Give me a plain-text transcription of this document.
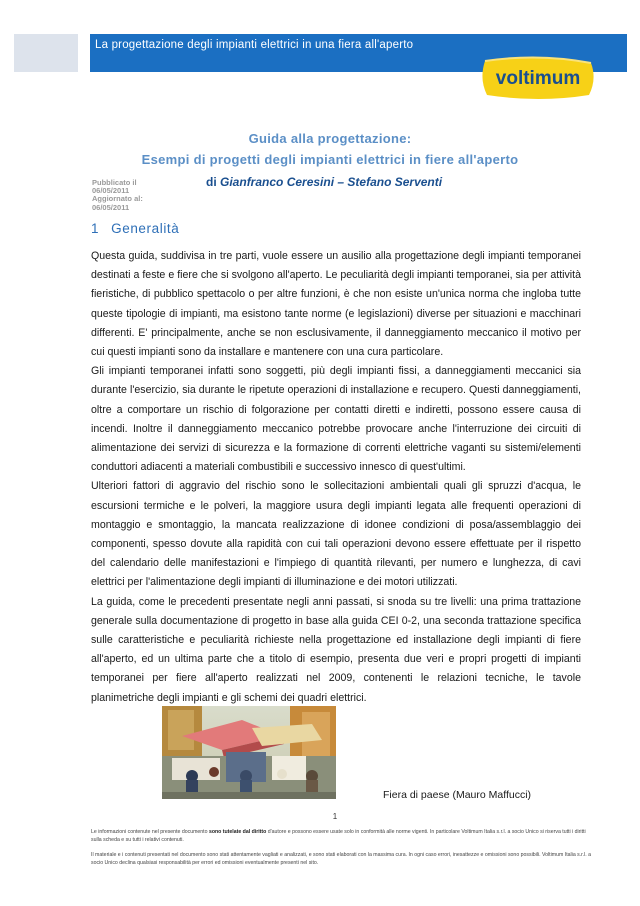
La progettazione degli impianti elettrici in una fiera all'aperto
voltimum
Guida alla progettazione:
Esempi di progetti degli impianti elettrici in fiere all'aperto
Pubblicato il
06/05/2011
Aggiornato al:
06/05/2011
di Gianfranco Ceresini – Stefano Serventi
1 Generalità

Questa guida, suddivisa in tre parti, vuole essere un ausilio alla progettazione degli impianti temporanei destinati a feste e fiere che si svolgono all'aperto. Le peculiarità degli impianti temporanei, sia per attività fieristiche, di pubblico spettacolo o per altre funzioni, è che non esiste un'unica norma che ingloba tutte queste tipologie di impianti, ma esistono tante norme (e legislazioni) diverse per situazioni e macchinari differenti. E' principalmente, anche se non esclusivamente, il danneggiamento meccanico il motivo per cui questi impianti sono da installare e mantenere con una cura particolare.

Gli impianti temporanei infatti sono soggetti, più degli impianti fissi, a danneggiamenti meccanici sia durante l'esercizio, sia durante le ripetute operazioni di installazione e recupero. Questi danneggiamenti, oltre a comportare un rischio di folgorazione per contatti diretti e indiretti, possono essere causa di incendi. Inoltre il danneggiamento meccanico potrebbe provocare anche l'interruzione dei circuiti di alimentazione dei servizi di sicurezza e la formazione di correnti elettriche vaganti su sistemi/elementi conduttori adiacenti a materiali combustibili e successivo innesco di quest'ultimi.

Ulteriori fattori di aggravio del rischio sono le sollecitazioni ambientali quali gli spruzzi d'acqua, le escursioni termiche e le polveri, la maggiore usura degli impianti legata alle frequenti operazioni di montaggio e smontaggio, la mancata realizzazione di idonee condizioni di posa/assemblaggio dei componenti, spesso dovute alla rapidità con cui tali operazioni devono essere effettuate per il rispetto del calendario delle manifestazioni e l'impiego di quantità rilevanti, per numero e lunghezza, di cavi elettrici per l'alimentazione degli impianti di illuminazione e dei motori utilizzati.

La guida, come le precedenti presentate negli anni passati, si snoda su tre livelli: una prima trattazione generale sulla documentazione di progetto in base alla guida CEI 0-2, una seconda trattazione specifica sulle caratteristiche e peculiarità richieste nella progettazione ed installazione degli impianti di fiere all'aperto, ed un ultima parte che a titolo di esempio, presenta due veri e propri progetti di impianti temporanei per fiere all'aperto realizzati nel 2009, contenenti le relazioni tecniche, le tavole planimetriche degli impianti e gli schemi dei quadri elettrici.

Fiera di paese (Mauro Maffucci)
1
Le informazioni contenute nel presente documento sono tutelate dal diritto d'autore e possono essere usate solo in conformità alle norme vigenti. In particolare Voltimum Italia s.r.l. a socio Unico si riserva tutti i diritti sulla scheda e su tutti i relativi contenuti.
Il materiale e i contenuti presentati nel documento sono stati attentamente vagliati e analizzati, e sono stati elaborati con la massima cura. In ogni caso errori, inesattezze e omissioni sono possibili. Voltimum Italia s.r.l. a socio Unico declina qualsiasi responsabilità per errori ed omissioni eventualmente presenti nel sito.
